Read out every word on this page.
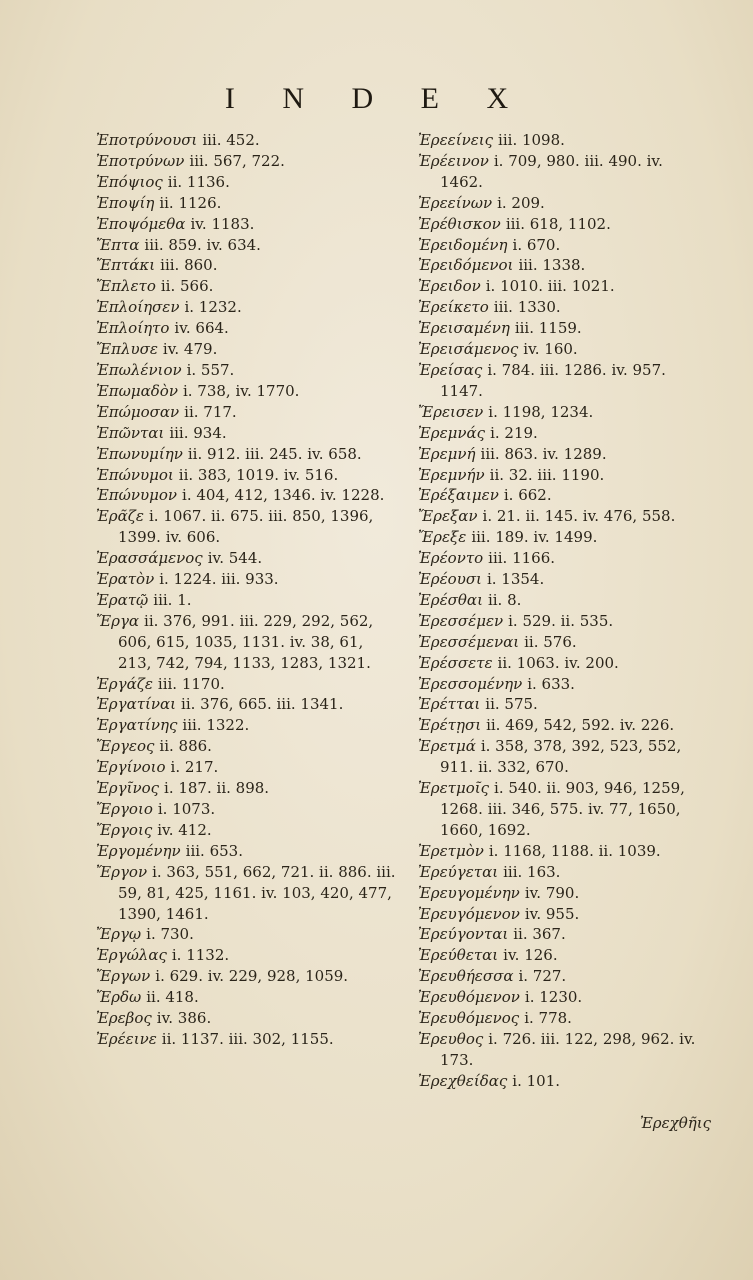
I N D E X

Ἐποτρύνουσι iii. 452.

Ἐποτρύνων iii. 567, 722.

Ἐπόψιος ii. 1136.

Ἐποψίη ii. 1126.

Ἐποψόμεθα iv. 1183.

Ἔπτα iii. 859. iv. 634.

Ἔπτάκι iii. 860.

Ἔπλετο ii. 566.

Ἐπλοίησεν i. 1232.

Ἐπλοίητο iv. 664.

Ἔπλυσε iv. 479.

Ἐπωλένιον i. 557.

Ἐπωμαδὸν i. 738, iv. 1770.

Ἐπώμοσαν ii. 717.

Ἐπῶνται iii. 934.

Ἐπωνυμίην ii. 912. iii. 245. iv. 658.

Ἐπώνυμοι ii. 383, 1019. iv. 516.

Ἐπώνυμον i. 404, 412, 1346. iv. 1228.

Ἐρᾶζε i. 1067. ii. 675. iii. 850, 1396, 1399. iv. 606.

Ἐρασσάμενος iv. 544.

Ἐρατὸν i. 1224. iii. 933.

Ἐρατῷ iii. 1.

Ἔργα ii. 376, 991. iii. 229, 292, 562, 606, 615, 1035, 1131. iv. 38, 61, 213, 742, 794, 1133, 1283, 1321.

Ἐργάζε iii. 1170.

Ἐργατίναι ii. 376, 665. iii. 1341.

Ἐργατίνης iii. 1322.

Ἔργεος ii. 886.

Ἐργίνοιο i. 217.

Ἐργῖνος i. 187. ii. 898.

Ἔργοιο i. 1073.

Ἔργοις iv. 412.

Ἐργομένην iii. 653.

Ἔργον i. 363, 551, 662, 721. ii. 886. iii. 59, 81, 425, 1161. iv. 103, 420, 477, 1390, 1461.

Ἔργῳ i. 730.

Ἐργώλας i. 1132.

Ἔργων i. 629. iv. 229, 928, 1059.

Ἔρδω ii. 418.

Ἐρεβος iv. 386.

Ἐρέεινε ii. 1137. iii. 302, 1155.

Ἐρεείνεις iii. 1098.

Ἐρέεινον i. 709, 980. iii. 490. iv. 1462.

Ἐρεείνων i. 209.

Ἐρέθισκον iii. 618, 1102.

Ἐρειδομένη i. 670.

Ἐρειδόμενοι iii. 1338.

Ἐρειδον i. 1010. iii. 1021.

Ἐρείκετο iii. 1330.

Ἐρεισαμένη iii. 1159.

Ἐρεισάμενος iv. 160.

Ἐρείσας i. 784. iii. 1286. iv. 957. 1147.

Ἔρεισεν i. 1198, 1234.

Ἐρεμνάς i. 219.

Ἐρεμνή iii. 863. iv. 1289.

Ἐρεμνήν ii. 32. iii. 1190.

Ἐρέξαιμεν i. 662.

Ἔρεξαν i. 21. ii. 145. iv. 476, 558.

Ἔρεξε iii. 189. iv. 1499.

Ἐρέοντο iii. 1166.

Ἐρέουσι i. 1354.

Ἐρέσθαι ii. 8.

Ἐρεσσέμεν i. 529. ii. 535.

Ἐρεσσέμεναι ii. 576.

Ἐρέσσετε ii. 1063. iv. 200.

Ἐρεσσομένην i. 633.

Ἐρέτται ii. 575.

Ἐρέτῃσι ii. 469, 542, 592. iv. 226.

Ἐρετμά i. 358, 378, 392, 523, 552, 911. ii. 332, 670.

Ἐρετμοῖς i. 540. ii. 903, 946, 1259, 1268. iii. 346, 575. iv. 77, 1650, 1660, 1692.

Ἐρετμὸν i. 1168, 1188. ii. 1039.

Ἐρεύγεται iii. 163.

Ἐρευγομένην iv. 790.

Ἐρευγόμενον iv. 955.

Ἐρεύγονται ii. 367.

Ἐρεύθεται iv. 126.

Ἐρευθήεσσα i. 727.

Ἐρευθόμενον i. 1230.

Ἐρευθόμενος i. 778.

Ἐρευθος i. 726. iii. 122, 298, 962. iv. 173.

Ἐρεχθείδας i. 101.

Ἐρεχθῆις
